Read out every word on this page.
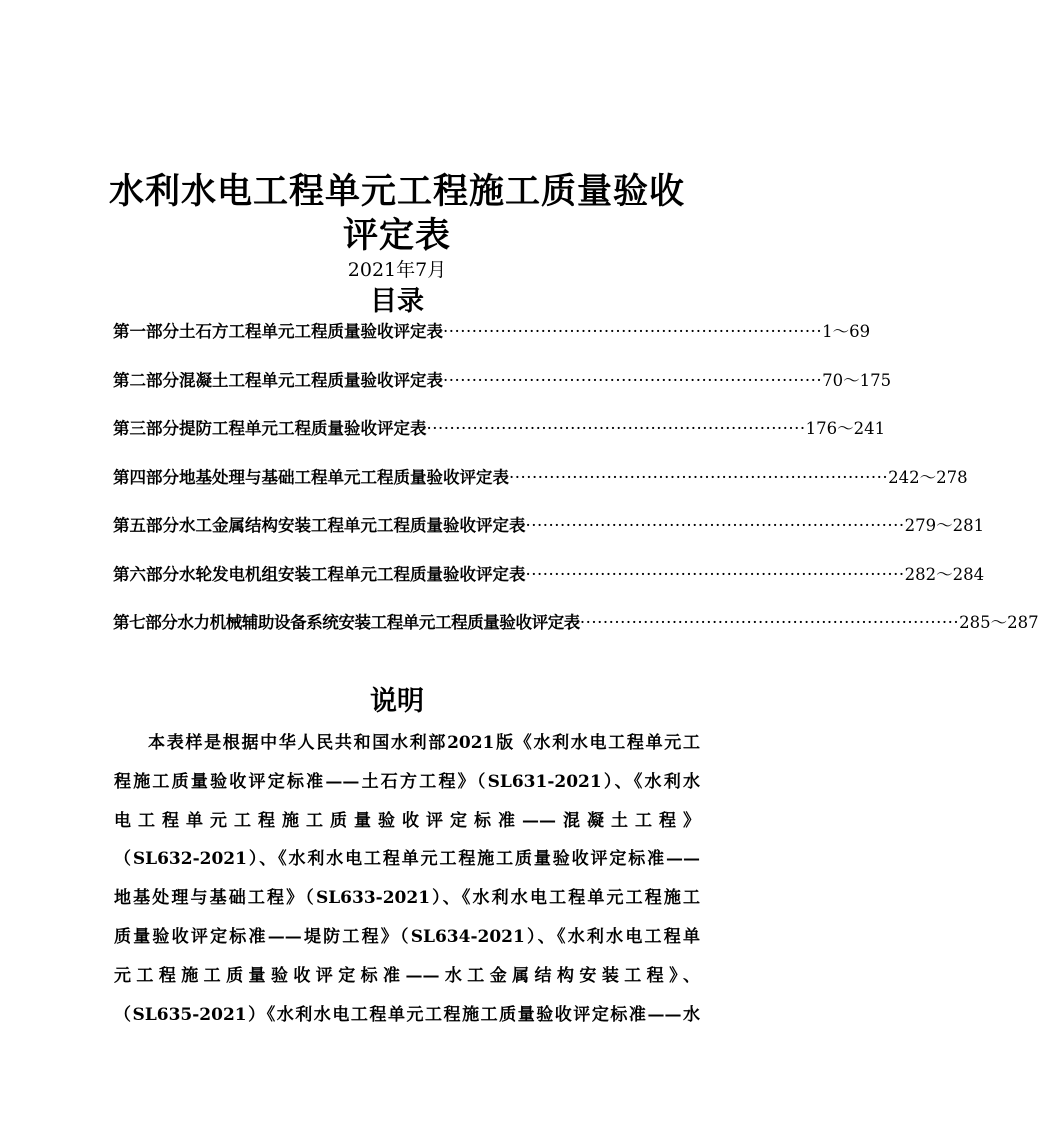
水利水电工程单元工程施工质量验收
评定表
2021年7月
目录
第一部分土石方工程单元工程质量验收评定表 ·································································· 1～69
第二部分混凝土工程单元工程质量验收评定表 ·································································· 70～175
第三部分提防工程单元工程质量验收评定表 ·································································· 176～241
第四部分地基处理与基础工程单元工程质量验收评定表 ·································································· 242～278
第五部分水工金属结构安装工程单元工程质量验收评定表 ·································································· 279～281
第六部分水轮发电机组安装工程单元工程质量验收评定表 ·································································· 282～284
第七部分水力机械辅助设备系统安装工程单元工程质量验收评定表 ·································································· 285～287
说明
本表样是根据中华人民共和国水利部2021版《水利水电工程单元工
程施工质量验收评定标准——土石方工程》（SL631-2021）、《水利水
电工程单元工程施工质量验收评定标准——混凝土工程》
（SL632-2021）、《水利水电工程单元工程施工质量验收评定标准——
地基处理与基础工程》（SL633-2021）、《水利水电工程单元工程施工
质量验收评定标准——堤防工程》（SL634-2021）、《水利水电工程单
元工程施工质量验收评定标准——水工金属结构安装工程》、
（SL635-2021）《水利水电工程单元工程施工质量验收评定标准——水
